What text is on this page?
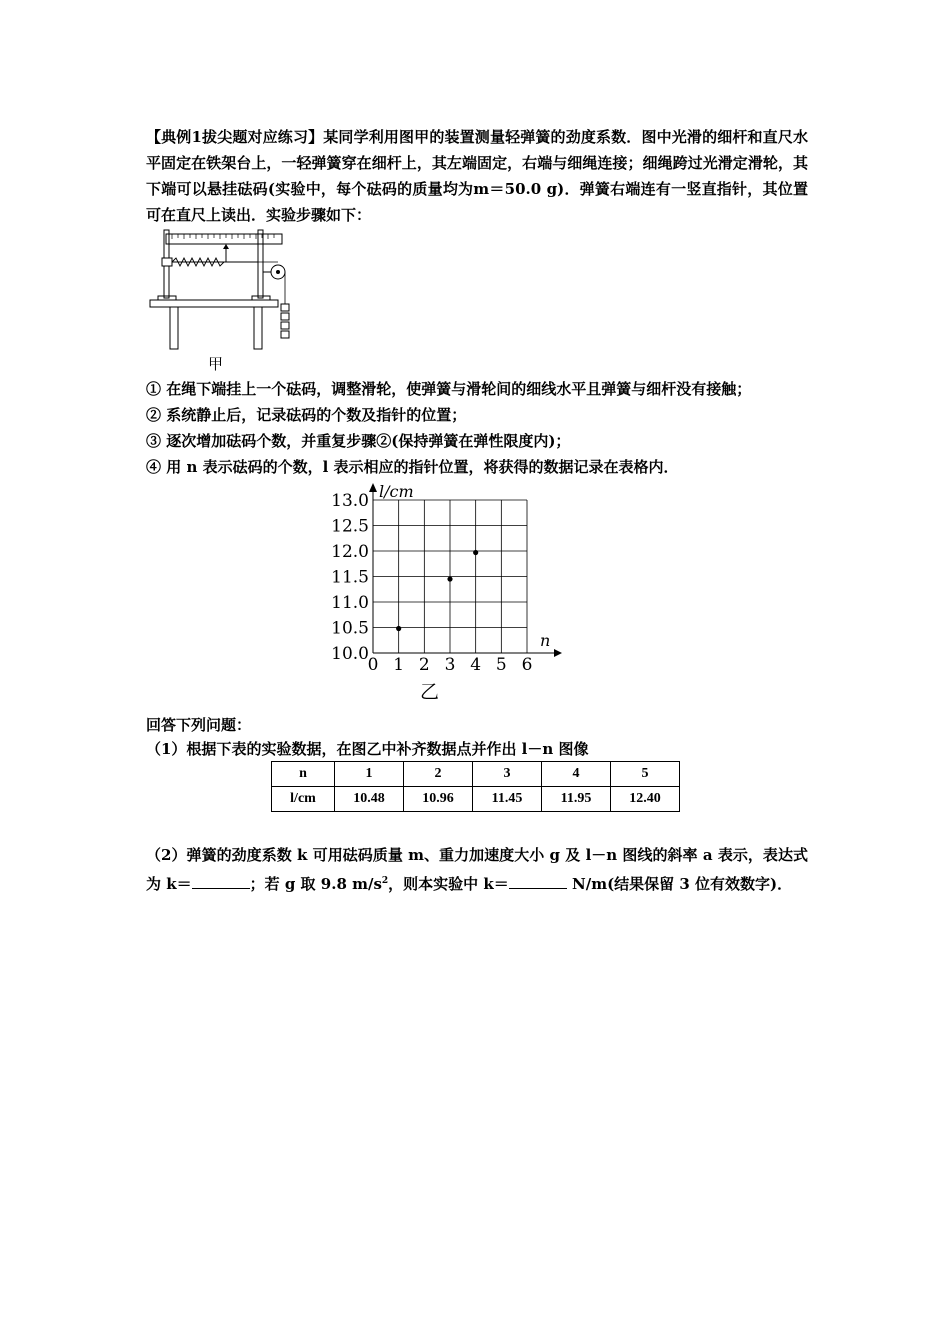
【典例1拔尖题对应练习】某同学利用图甲的装置测量轻弹簧的劲度系数．图中光滑的细杆和直尺水平固定在铁架台上，一轻弹簧穿在细杆上，其左端固定，右端与细绳连接；细绳跨过光滑定滑轮，其下端可以悬挂砝码(实验中，每个砝码的质量均为m＝50.0 g)．弹簧右端连有一竖直指针，其位置可在直尺上读出．实验步骤如下：
甲
① 在绳下端挂上一个砝码，调整滑轮，使弹簧与滑轮间的细线水平且弹簧与细杆没有接触；
② 系统静止后，记录砝码的个数及指针的位置；
③ 逐次增加砝码个数，并重复步骤②(保持弹簧在弹性限度内)；
④ 用 n 表示砝码的个数，l 表示相应的指针位置，将获得的数据记录在表格内．
0 1 2 3 4 5 6
10.0
10.5
11.0
11.5
12.0
12.5
13.0 l/cm
n
乙
回答下列问题：
（1）根据下表的实验数据，在图乙中补齐数据点并作出 l－n 图像
n	1	2	3	4	5
l/cm	10.48	10.96	11.45	11.95	12.40
（2）弹簧的劲度系数 k 可用砝码质量 m、重力加速度大小 g 及 l－n 图线的斜率 a 表示，表达式为 k＝	；若 g 取 9.8 $m/s^2$，则本实验中 k＝	N/m(结果保留 3 位有效数字)．
